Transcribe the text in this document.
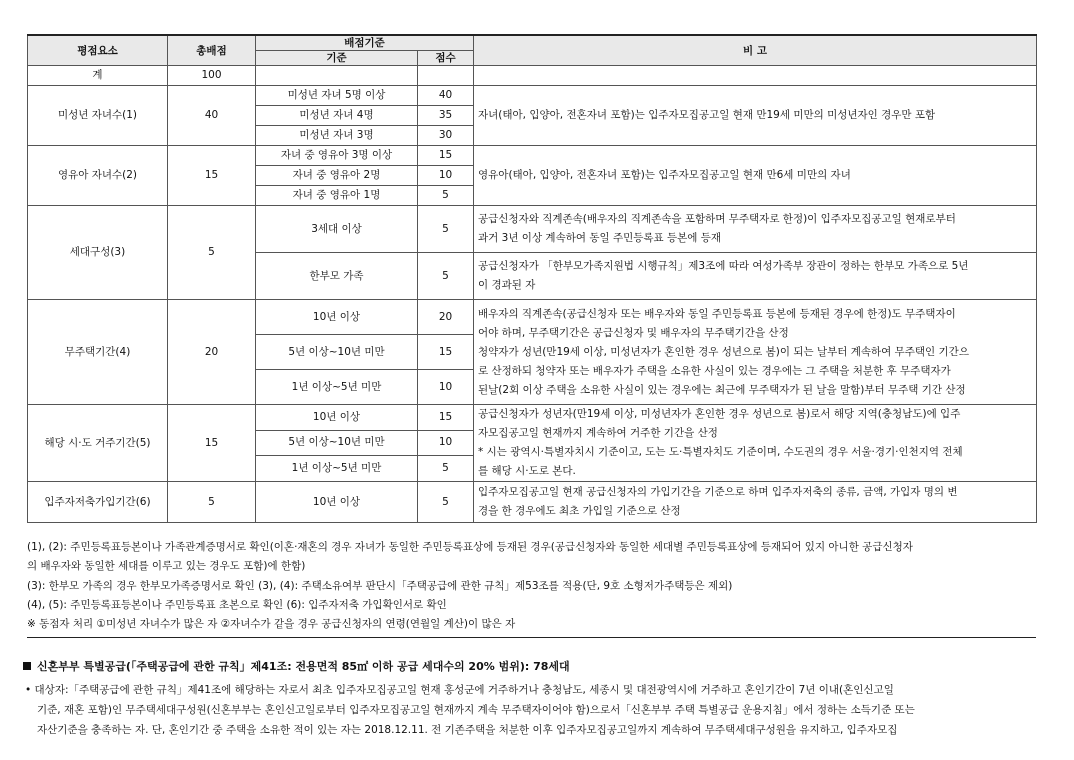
평점요소	총배점	배점기준		비 고
		기준	점수	
계	100			
미성년 자녀수(1)	40	미성년 자녀 5명 이상	40	자녀(태아, 입양아, 전혼자녀 포함)는 입주자모집공고일 현재 만19세 미만의 미성년자인 경우만 포함
		미성년 자녀 4명	35	
		미성년 자녀 3명	30	
영유아 자녀수(2)	15	자녀 중 영유아 3명 이상	15	영유아(태아, 입양아, 전혼자녀 포함)는 입주자모집공고일 현재 만6세 미만의 자녀
		자녀 중 영유아 2명	10	
		자녀 중 영유아 1명	5	
세대구성(3)	5	3세대 이상	5	공급신청자와 직계존속(배우자의 직계존속을 포함하며 무주택자로 한정)이 입주자모집공고일 현재로부터
과거 3년 이상 계속하여 동일 주민등록표 등본에 등재

		한부모 가족	5	공급신청자가 「한부모가족지원법 시행규칙」제3조에 따라 여성가족부 장관이 정하는 한부모 가족으로 5년
이 경과된 자

무주택기간(4)	20	10년 이상	20	배우자의 직계존속(공급신청자 또는 배우자와 동일 주민등록표 등본에 등재된 경우에 한정)도 무주택자이
어야 하며, 무주택기간은 공급신청자 및 배우자의 무주택기간을 산정
청약자가 성년(만19세 이상, 미성년자가 혼인한 경우 성년으로 봄)이 되는 날부터 계속하여 무주택인 기간으
로 산정하되 청약자 또는 배우자가 주택을 소유한 사실이 있는 경우에는 그 주택을 처분한 후 무주택자가
된날(2회 이상 주택을 소유한 사실이 있는 경우에는 최근에 무주택자가 된 날을 말함)부터 무주택 기간 산정

		5년 이상~10년 미만	15	
		1년 이상~5년 미만	10	
해당 시·도 거주기간(5)	15	10년 이상	15	공급신청자가 성년자(만19세 이상, 미성년자가 혼인한 경우 성년으로 봄)로서 해당 지역(충청남도)에 입주
자모집공고일 현재까지 계속하여 거주한 기간을 산정
* 시는 광역시·특별자치시 기준이고, 도는 도·특별자치도 기준이며, 수도권의 경우 서울·경기·인천지역 전체
를 해당 시·도로 본다.

		5년 이상~10년 미만	10	
		1년 이상~5년 미만	5	
입주자저축가입기간(6)	5	10년 이상	5	입주자모집공고일 현재 공급신청자의 가입기간을 기준으로 하며 입주자저축의 종류, 금액, 가입자 명의 변
경을 한 경우에도 최초 가입일 기준으로 산정
(1), (2): 주민등록표등본이나 가족관계증명서로 확인(이혼·재혼의 경우 자녀가 동일한 주민등록표상에 등재된 경우(공급신청자와 동일한 세대별 주민등록표상에 등재되어 있지 아니한 공급신청자
의 배우자와 동일한 세대를 이루고 있는 경우도 포함)에 한함)
(3): 한부모 가족의 경우 한부모가족증명서로 확인 (3), (4): 주택소유여부 판단시「주택공급에 관한 규칙」제53조를 적용(단, 9호 소형저가주택등은 제외)
(4), (5): 주민등록표등본이나 주민등록표 초본으로 확인 (6): 입주자저축 가입확인서로 확인
※ 동점자 처리 ①미성년 자녀수가 많은 자 ②자녀수가 같을 경우 공급신청자의 연령(연월일 계산)이 많은 자
신혼부부 특별공급(「주택공급에 관한 규칙」제41조: 전용면적 85㎡ 이하 공급 세대수의 20% 범위): 78세대
• 대상자:「주택공급에 관한 규칙」제41조에 해당하는 자로서 최초 입주자모집공고일 현재 홍성군에 거주하거나 충청남도, 세종시 및 대전광역시에 거주하고 혼인기간이 7년 이내(혼인신고일
기준, 재혼 포함)인 무주택세대구성원(신혼부부는 혼인신고일로부터 입주자모집공고일 현재까지 계속 무주택자이어야 함)으로서「신혼부부 주택 특별공급 운용지침」에서 정하는 소득기준 또는
자산기준을 충족하는 자. 단, 혼인기간 중 주택을 소유한 적이 있는 자는 2018.12.11. 전 기존주택을 처분한 이후 입주자모집공고일까지 계속하여 무주택세대구성원을 유지하고, 입주자모집
